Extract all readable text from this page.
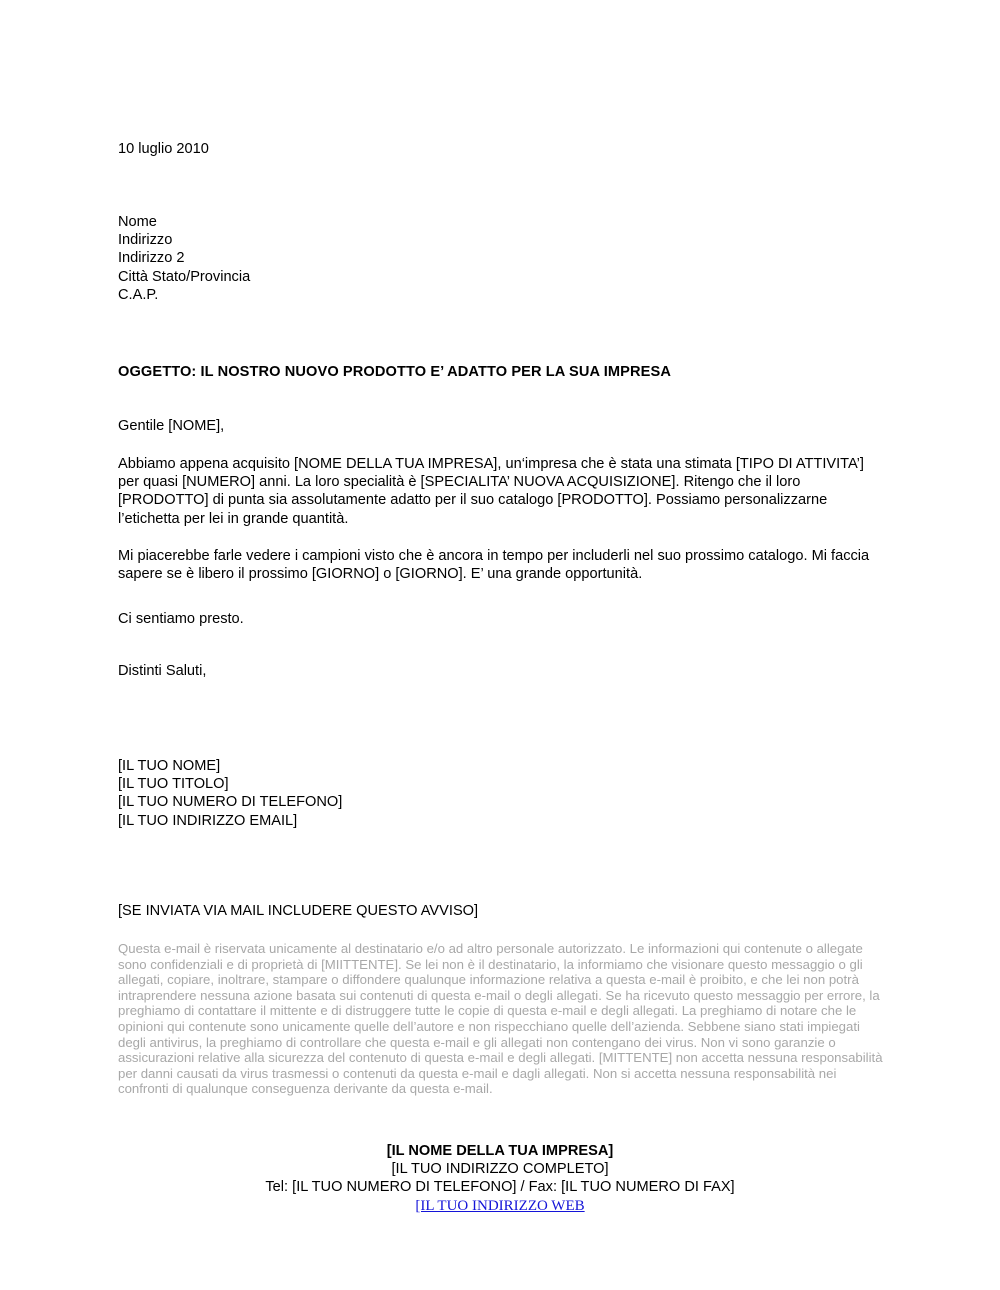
10 luglio 2010
Nome
Indirizzo
Indirizzo 2
Città Stato/Provincia
C.A.P.
OGGETTO: IL NOSTRO NUOVO PRODOTTO E’ ADATTO PER LA SUA IMPRESA
Gentile [NOME],
Abbiamo appena acquisito [NOME DELLA TUA IMPRESA], un‘impresa che è stata una stimata [TIPO DI ATTIVITA’] per quasi [NUMERO] anni. La loro specialità è [SPECIALITA’ NUOVA ACQUISIZIONE]. Ritengo che il loro [PRODOTTO] di punta sia assolutamente adatto per il suo catalogo [PRODOTTO]. Possiamo personalizzarne l’etichetta per lei in grande quantità.
Mi piacerebbe farle vedere i campioni visto che è ancora in tempo per includerli nel suo prossimo catalogo. Mi faccia sapere se è libero il prossimo [GIORNO] o [GIORNO]. E’ una grande opportunità.
Ci sentiamo presto.
Distinti Saluti,
[IL TUO NOME]
[IL TUO TITOLO]
[IL TUO NUMERO DI TELEFONO]
[IL TUO INDIRIZZO EMAIL]
[SE INVIATA VIA MAIL INCLUDERE QUESTO AVVISO]
Questa e-mail è riservata unicamente al destinatario e/o ad altro personale autorizzato. Le informazioni qui contenute o allegate sono confidenziali e di proprietà di [MIITTENTE]. Se lei non è il destinatario, la informiamo che visionare questo messaggio o gli allegati, copiare, inoltrare, stampare o diffondere qualunque informazione relativa a questa e-mail è proibito, e che lei non potrà intraprendere nessuna azione basata sui contenuti di questa e-mail o degli allegati. Se ha ricevuto questo messaggio per errore, la preghiamo di contattare il mittente e di distruggere tutte le copie di questa e-mail e degli allegati. La preghiamo di notare che le opinioni qui contenute sono unicamente quelle dell’autore e non rispecchiano quelle dell’azienda. Sebbene siano stati impiegati degli antivirus, la preghiamo di controllare che questa e-mail e gli allegati non contengano dei virus. Non vi sono garanzie o assicurazioni relative alla sicurezza del contenuto di questa e-mail e degli allegati. [MITTENTE] non accetta nessuna responsabilità per danni causati da virus trasmessi o contenuti da questa e-mail e dagli allegati. Non si accetta nessuna responsabilità nei confronti di qualunque conseguenza derivante da questa e-mail.
[IL NOME DELLA TUA IMPRESA]
[IL TUO INDIRIZZO COMPLETO]
Tel: [IL TUO NUMERO DI TELEFONO] / Fax: [IL TUO NUMERO DI FAX]
[IL TUO INDIRIZZO WEB
